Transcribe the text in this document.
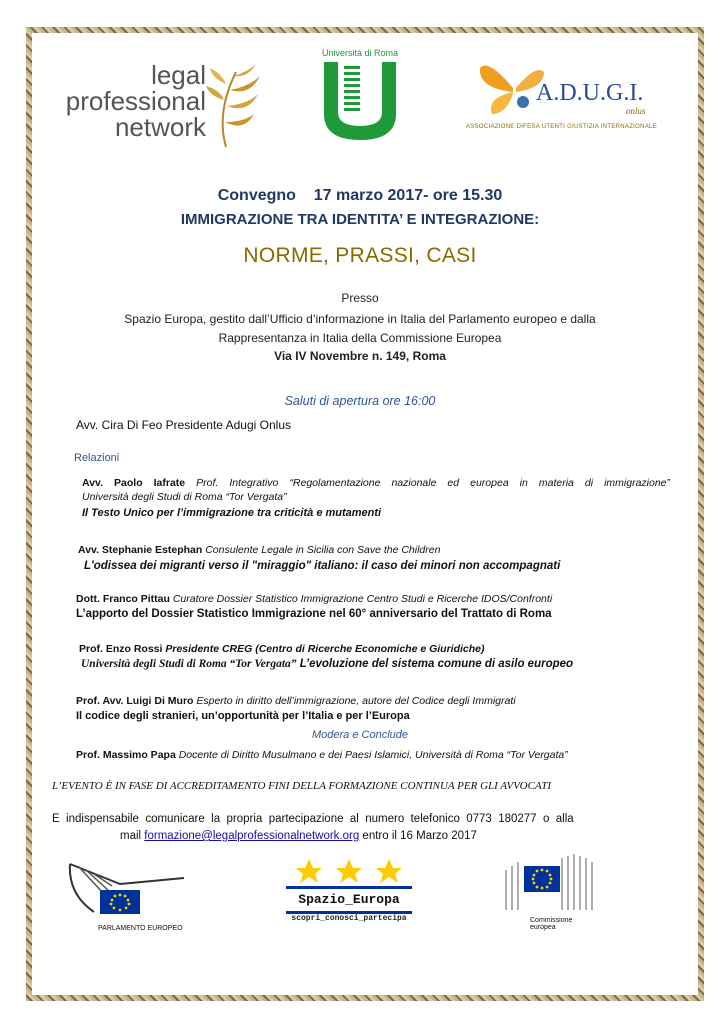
legal
professional
network
Università di Roma
Tor Vergata
A.D.U.G.I.
onlus
ASSOCIAZIONE DIFESA UTENTI GIUSTIZIA INTERNAZIONALE
Convegno    17 marzo 2017- ore 15.30
IMMIGRAZIONE TRA IDENTITA’ E INTEGRAZIONE:
NORME, PRASSI, CASI
Presso
Spazio Europa, gestito dall’Ufficio d’informazione in Italia del Parlamento europeo e dalla
Rappresentanza in Italia della Commissione Europea
Via IV Novembre n. 149, Roma
Saluti di apertura ore 16:00
Avv. Cira Di Feo Presidente Adugi Onlus
Relazioni
Avv. Paolo Iafrate Prof. Integrativo “Regolamentazione nazionale ed europea in materia di immigrazione”
Università degli Studi di Roma “Tor Vergata”
Il Testo Unico per l’immigrazione tra criticità e mutamenti
Avv. Stephanie Estephan Consulente Legale in Sicilia con Save the Children
L'odissea dei migranti verso il "miraggio" italiano: il caso dei minori non accompagnati
Dott. Franco Pittau Curatore Dossier Statistico Immigrazione Centro Studi e Ricerche IDOS/Confronti
L’apporto del Dossier Statistico Immigrazione nel 60° anniversario del Trattato di Roma
Prof. Enzo Rossi Presidente CREG (Centro di Ricerche Economiche e Giuridiche)
Università degli Studi di Roma “Tor Vergata” L’evoluzione del sistema comune di asilo europeo
Prof. Avv. Luigi Di Muro Esperto in diritto dell’immigrazione, autore del Codice degli Immigrati
Il codice degli stranieri, un’opportunità per l’Italia e per l’Europa
Modera e Conclude
Prof. Massimo Papa Docente di Diritto Musulmano e dei Paesi Islamici, Università di Roma “Tor Vergata”
L’EVENTO È IN FASE DI ACCREDITAMENTO FINI DELLA FORMAZIONE CONTINUA PER GLI AVVOCATI
È  indispensabile  comunicare  la  propria  partecipazione  al  numero  telefonico  0773  180277  o  alla
mail formazione@legalprofessionalnetwork.org entro il 16 Marzo 2017
PARLAMENTO EUROPEO
Spazio_Europa
scopri_conosci_partecipa	Commissione
europea
